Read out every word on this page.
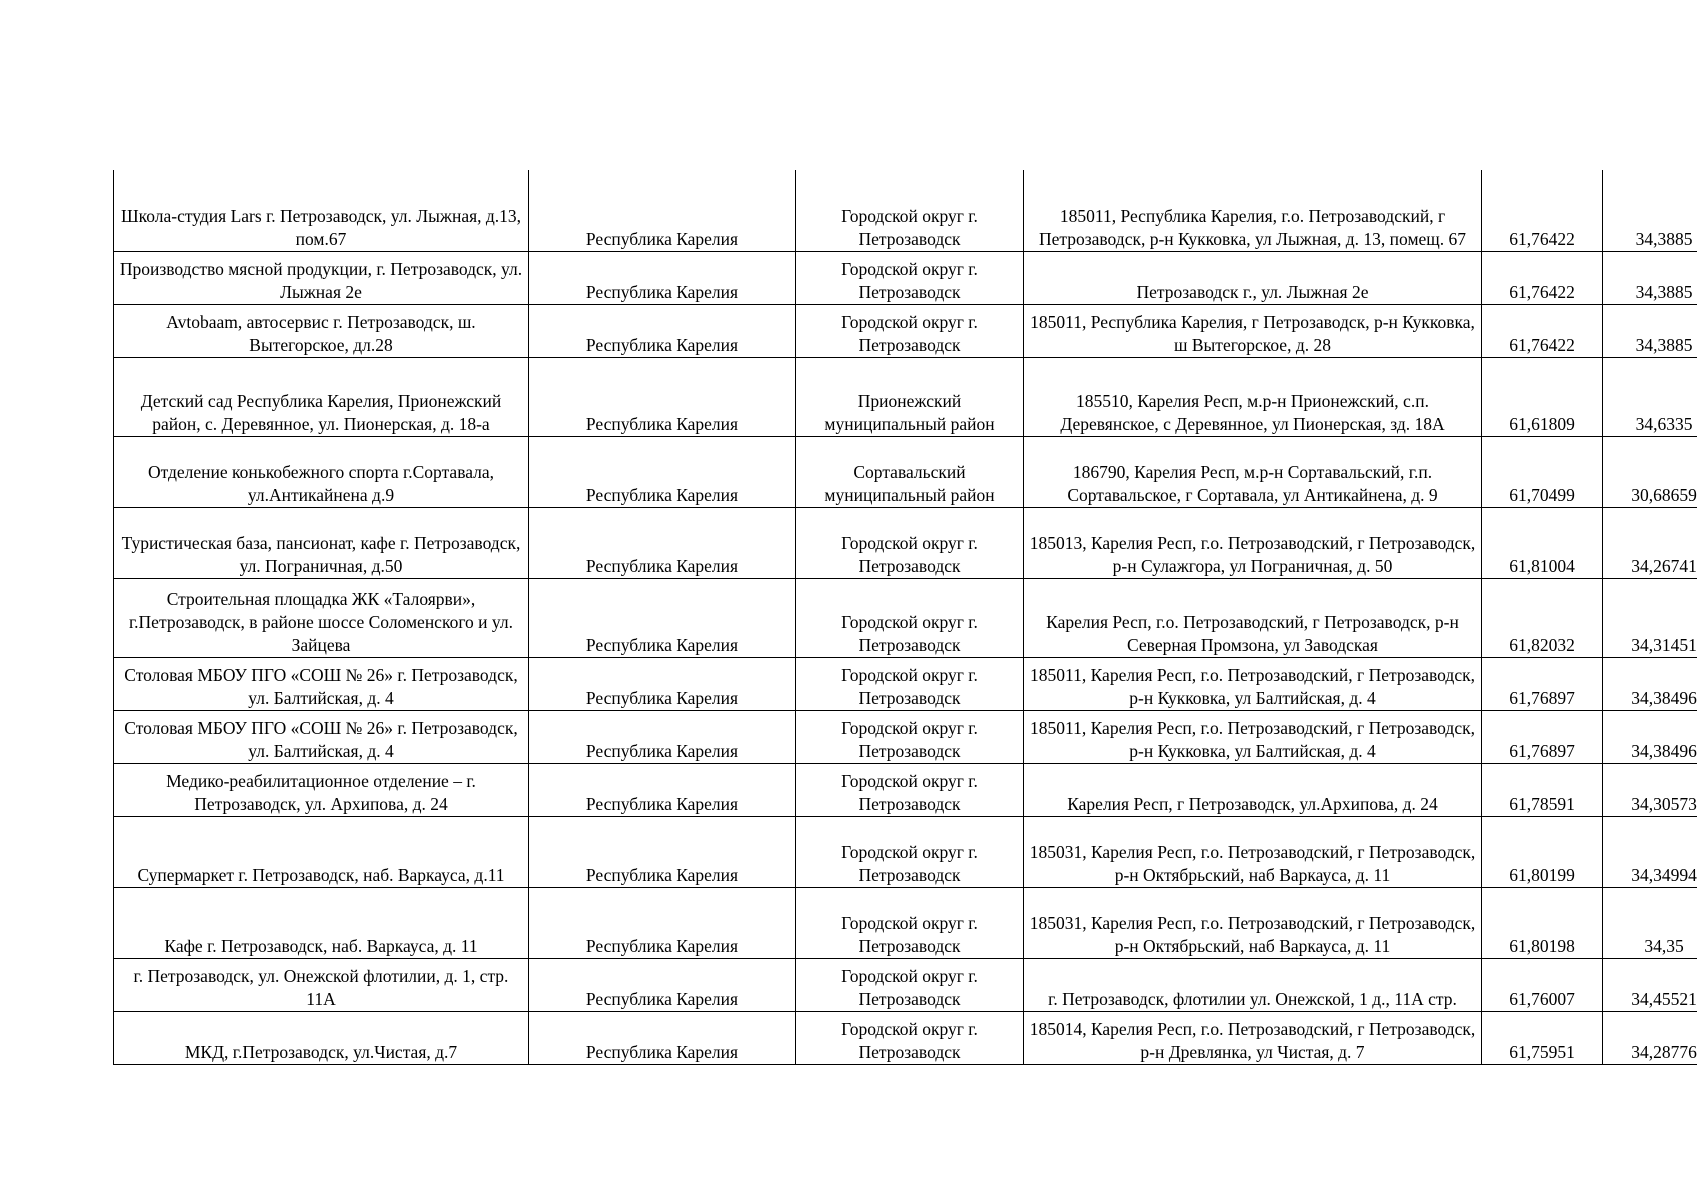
Школа-студия Lars г. Петрозаводск, ул. Лыжная, д.13, пом.67	Республика Карелия	Городской округ г. Петрозаводск	185011, Республика Карелия, г.о. Петрозаводский, г Петрозаводск, р-н Кукковка, ул Лыжная, д. 13, помещ. 67	61,76422	34,3885
Производство мясной продукции, г. Петрозаводск, ул. Лыжная 2е	Республика Карелия	Городской округ г. Петрозаводск	Петрозаводск г., ул. Лыжная 2е	61,76422	34,3885
Avtobaam, автосервис г. Петрозаводск, ш. Вытегорское, дл.28	Республика Карелия	Городской округ г. Петрозаводск	185011, Республика Карелия, г Петрозаводск, р-н Кукковка, ш Вытегорское, д. 28	61,76422	34,3885
Детский сад Республика Карелия, Прионежский район, с. Деревянное, ул. Пионерская, д. 18-а	Республика Карелия	Прионежский муниципальный район	185510, Карелия Респ, м.р-н Прионежский, с.п. Деревянское, с Деревянное, ул Пионерская, зд. 18А	61,61809	34,6335
Отделение конькобежного спорта г.Сортавала, ул.Антикайнена д.9	Республика Карелия	Сортавальский муниципальный район	186790, Карелия Респ, м.р-н Сортавальский, г.п. Сортавальское, г Сортавала, ул Антикайнена, д. 9	61,70499	30,68659
Туристическая база, пансионат, кафе г. Петрозаводск, ул. Пограничная, д.50	Республика Карелия	Городской округ г. Петрозаводск	185013, Карелия Респ, г.о. Петрозаводский, г Петрозаводск, р-н Сулажгора, ул Пограничная, д. 50	61,81004	34,26741
Строительная площадка ЖК «Талоярви», г.Петрозаводск, в районе шоссе Соломенского и ул. Зайцева	Республика Карелия	Городской округ г. Петрозаводск	Карелия Респ, г.о. Петрозаводский, г Петрозаводск, р-н Северная Промзона, ул Заводская	61,82032	34,31451
Столовая МБОУ ПГО «СОШ № 26» г. Петрозаводск, ул. Балтийская, д. 4	Республика Карелия	Городской округ г. Петрозаводск	185011, Карелия Респ, г.о. Петрозаводский, г Петрозаводск, р-н Кукковка, ул Балтийская, д. 4	61,76897	34,38496
Столовая МБОУ ПГО «СОШ № 26» г. Петрозаводск, ул. Балтийская, д. 4	Республика Карелия	Городской округ г. Петрозаводск	185011, Карелия Респ, г.о. Петрозаводский, г Петрозаводск, р-н Кукковка, ул Балтийская, д. 4	61,76897	34,38496
Медико-реабилитационное отделение – г. Петрозаводск, ул. Архипова, д. 24	Республика Карелия	Городской округ г. Петрозаводск	Карелия Респ, г Петрозаводск, ул.Архипова, д. 24	61,78591	34,30573
Супермаркет г. Петрозаводск, наб. Варкауса, д.11	Республика Карелия	Городской округ г. Петрозаводск	185031, Карелия Респ, г.о. Петрозаводский, г Петрозаводск, р-н Октябрьский, наб Варкауса, д. 11	61,80199	34,34994
Кафе г. Петрозаводск, наб. Варкауса, д. 11	Республика Карелия	Городской округ г. Петрозаводск	185031, Карелия Респ, г.о. Петрозаводский, г Петрозаводск, р-н Октябрьский, наб Варкауса, д. 11	61,80198	34,35
г. Петрозаводск, ул. Онежской флотилии, д. 1, стр. 11А	Республика Карелия	Городской округ г. Петрозаводск	г. Петрозаводск, флотилии ул. Онежской, 1 д., 11А стр.	61,76007	34,45521
МКД, г.Петрозаводск, ул.Чистая, д.7	Республика Карелия	Городской округ г. Петрозаводск	185014, Карелия Респ, г.о. Петрозаводский, г Петрозаводск, р-н Древлянка, ул Чистая, д. 7	61,75951	34,28776
